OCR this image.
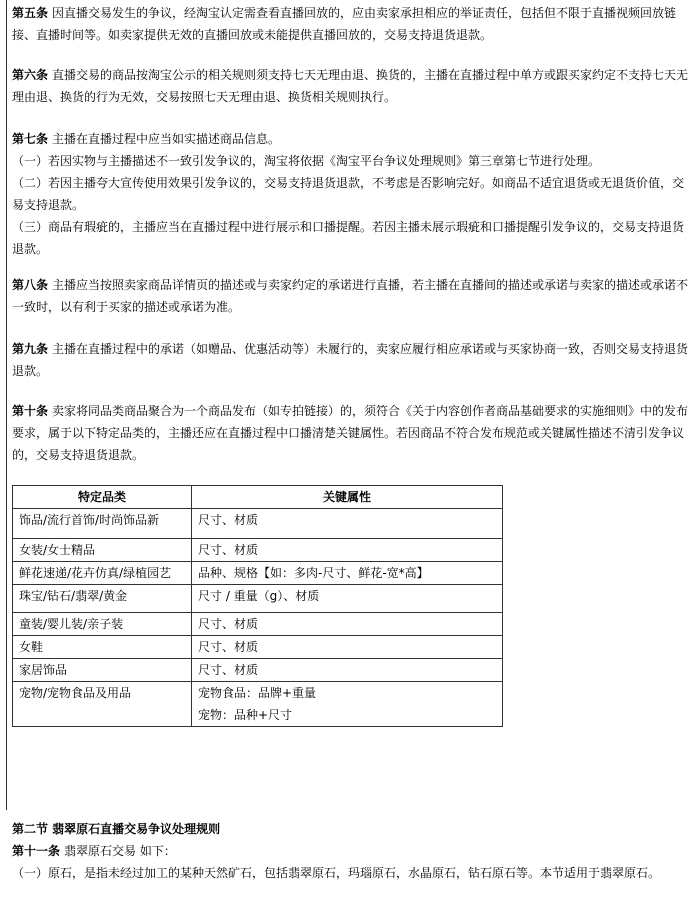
第五条 因直播交易发生的争议，经淘宝认定需查看直播回放的，应由卖家承担相应的举证责任，包括但不限于直播视频回放链接、直播时间等。如卖家提供无效的直播回放或未能提供直播回放的，交易支持退货退款。
第六条 直播交易的商品按淘宝公示的相关规则须支持七天无理由退、换货的，主播在直播过程中单方或跟买家约定不支持七天无理由退、换货的行为无效，交易按照七天无理由退、换货相关规则执行。
第七条 主播在直播过程中应当如实描述商品信息。
（一）若因实物与主播描述不一致引发争议的，淘宝将依据《淘宝平台争议处理规则》第三章第七节进行处理。
（二）若因主播夸大宣传使用效果引发争议的，交易支持退货退款，不考虑是否影响完好。如商品不适宜退货或无退货价值，交易支持退款。
（三）商品有瑕疵的，主播应当在直播过程中进行展示和口播提醒。若因主播未展示瑕疵和口播提醒引发争议的，交易支持退货退款。
第八条 主播应当按照卖家商品详情页的描述或与卖家约定的承诺进行直播，若主播在直播间的描述或承诺与卖家的描述或承诺不一致时，以有利于买家的描述或承诺为准。
第九条 主播在直播过程中的承诺（如赠品、优惠活动等）未履行的，卖家应履行相应承诺或与买家协商一致，否则交易支持退货退款。
第十条 卖家将同品类商品聚合为一个商品发布（如专拍链接）的，须符合《关于内容创作者商品基础要求的实施细则》中的发布要求，属于以下特定品类的，主播还应在直播过程中口播清楚关键属性。若因商品不符合发布规范或关键属性描述不清引发争议的，交易支持退货退款。
特定品类	关键属性
饰品/流行首饰/时尚饰品新	尺寸、材质
女装/女士精品	尺寸、材质
鲜花速递/花卉仿真/绿植园艺	品种、规格【如：多肉-尺寸、鲜花-宽*高】
珠宝/钻石/翡翠/黄金	尺寸 / 重量（g）、材质
童装/婴儿装/亲子装	尺寸、材质
女鞋	尺寸、材质
家居饰品	尺寸、材质
宠物/宠物食品及用品	宠物食品：品牌+重量
宠物：品种+尺寸
第二节 翡翠原石直播交易争议处理规则
第十一条 翡翠原石交易 如下：
（一）原石，是指未经过加工的某种天然矿石，包括翡翠原石，玛瑙原石，水晶原石，钻石原石等。本节适用于翡翠原石。
